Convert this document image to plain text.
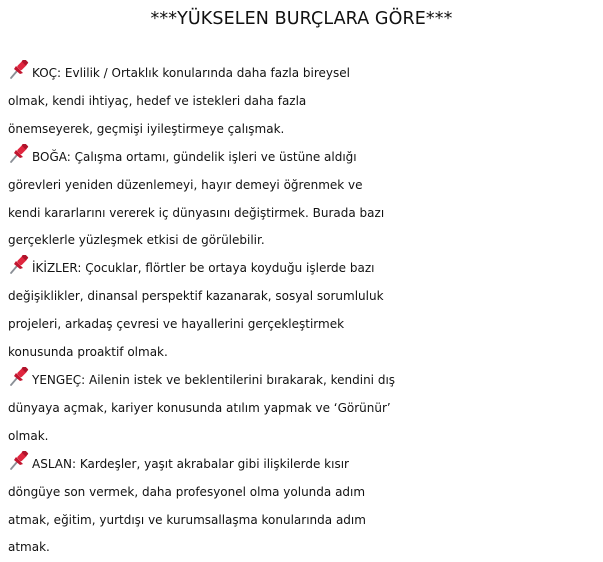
***YÜKSELEN BURÇLARA GÖRE***
KOÇ: Evlilik / Ortaklık konularında daha fazla bireysel
olmak, kendi ihtiyaç, hedef ve istekleri daha fazla
önemseyerek, geçmişi iyileştirmeye çalışmak.
BOĞA: Çalışma ortamı, gündelik işleri ve üstüne aldığı
görevleri yeniden düzenlemeyi, hayır demeyi öğrenmek ve
kendi kararlarını vererek iç dünyasını değiştirmek. Burada bazı
gerçeklerle yüzleşmek etkisi de görülebilir.
İKİZLER: Çocuklar, flörtler be ortaya koyduğu işlerde bazı
değişiklikler, dinansal perspektif kazanarak, sosyal sorumluluk
projeleri, arkadaş çevresi ve hayallerini gerçekleştirmek
konusunda proaktif olmak.
YENGEÇ: Ailenin istek ve beklentilerini bırakarak, kendini dış
dünyaya açmak, kariyer konusunda atılım yapmak ve ‘Görünür’
olmak.
ASLAN: Kardeşler, yaşıt akrabalar gibi ilişkilerde kısır
döngüye son vermek, daha profesyonel olma yolunda adım
atmak, eğitim, yurtdışı ve kurumsallaşma konularında adım
atmak.
